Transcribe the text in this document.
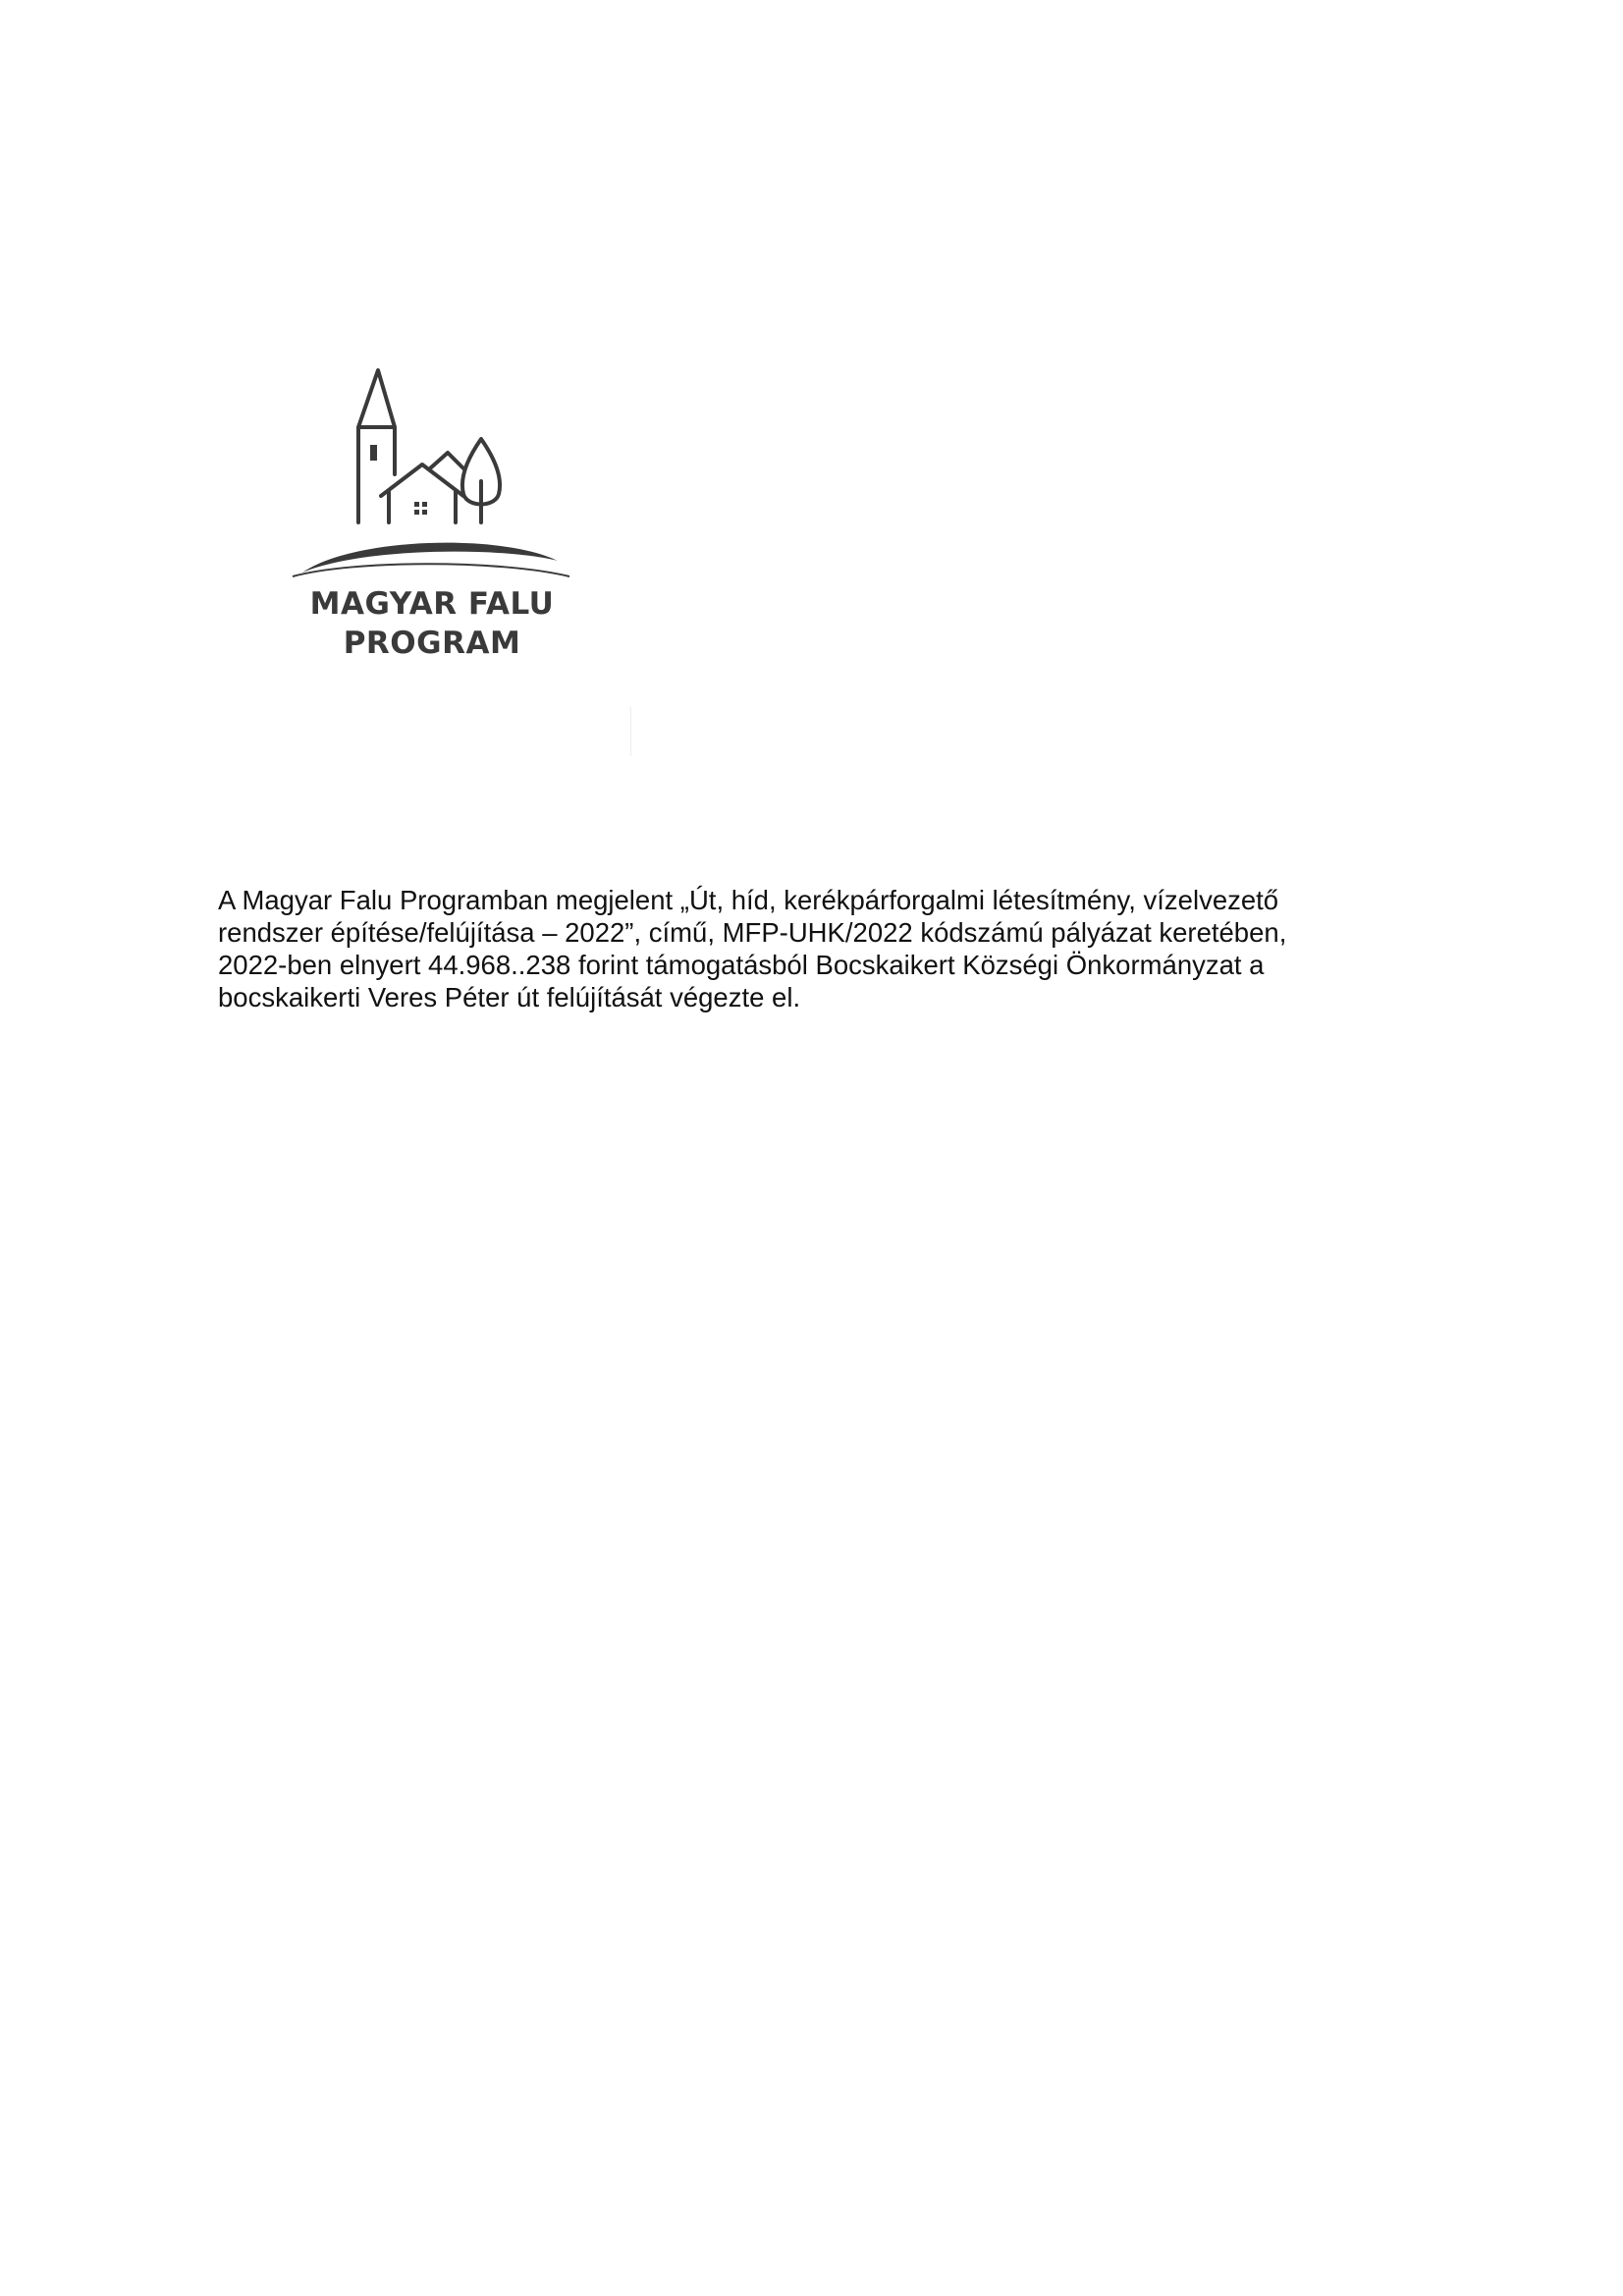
MAGYAR FALU
PROGRAM

A Magyar Falu Programban megjelent „Út, híd, kerékpárforgalmi létesítmény, vízelvezető
rendszer építése/felújítása – 2022”, című, MFP-UHK/2022 kódszámú pályázat keretében,
2022-ben elnyert 44.968..238 forint támogatásból Bocskaikert Községi Önkormányzat a
bocskaikerti Veres Péter út felújítását végezte el.
